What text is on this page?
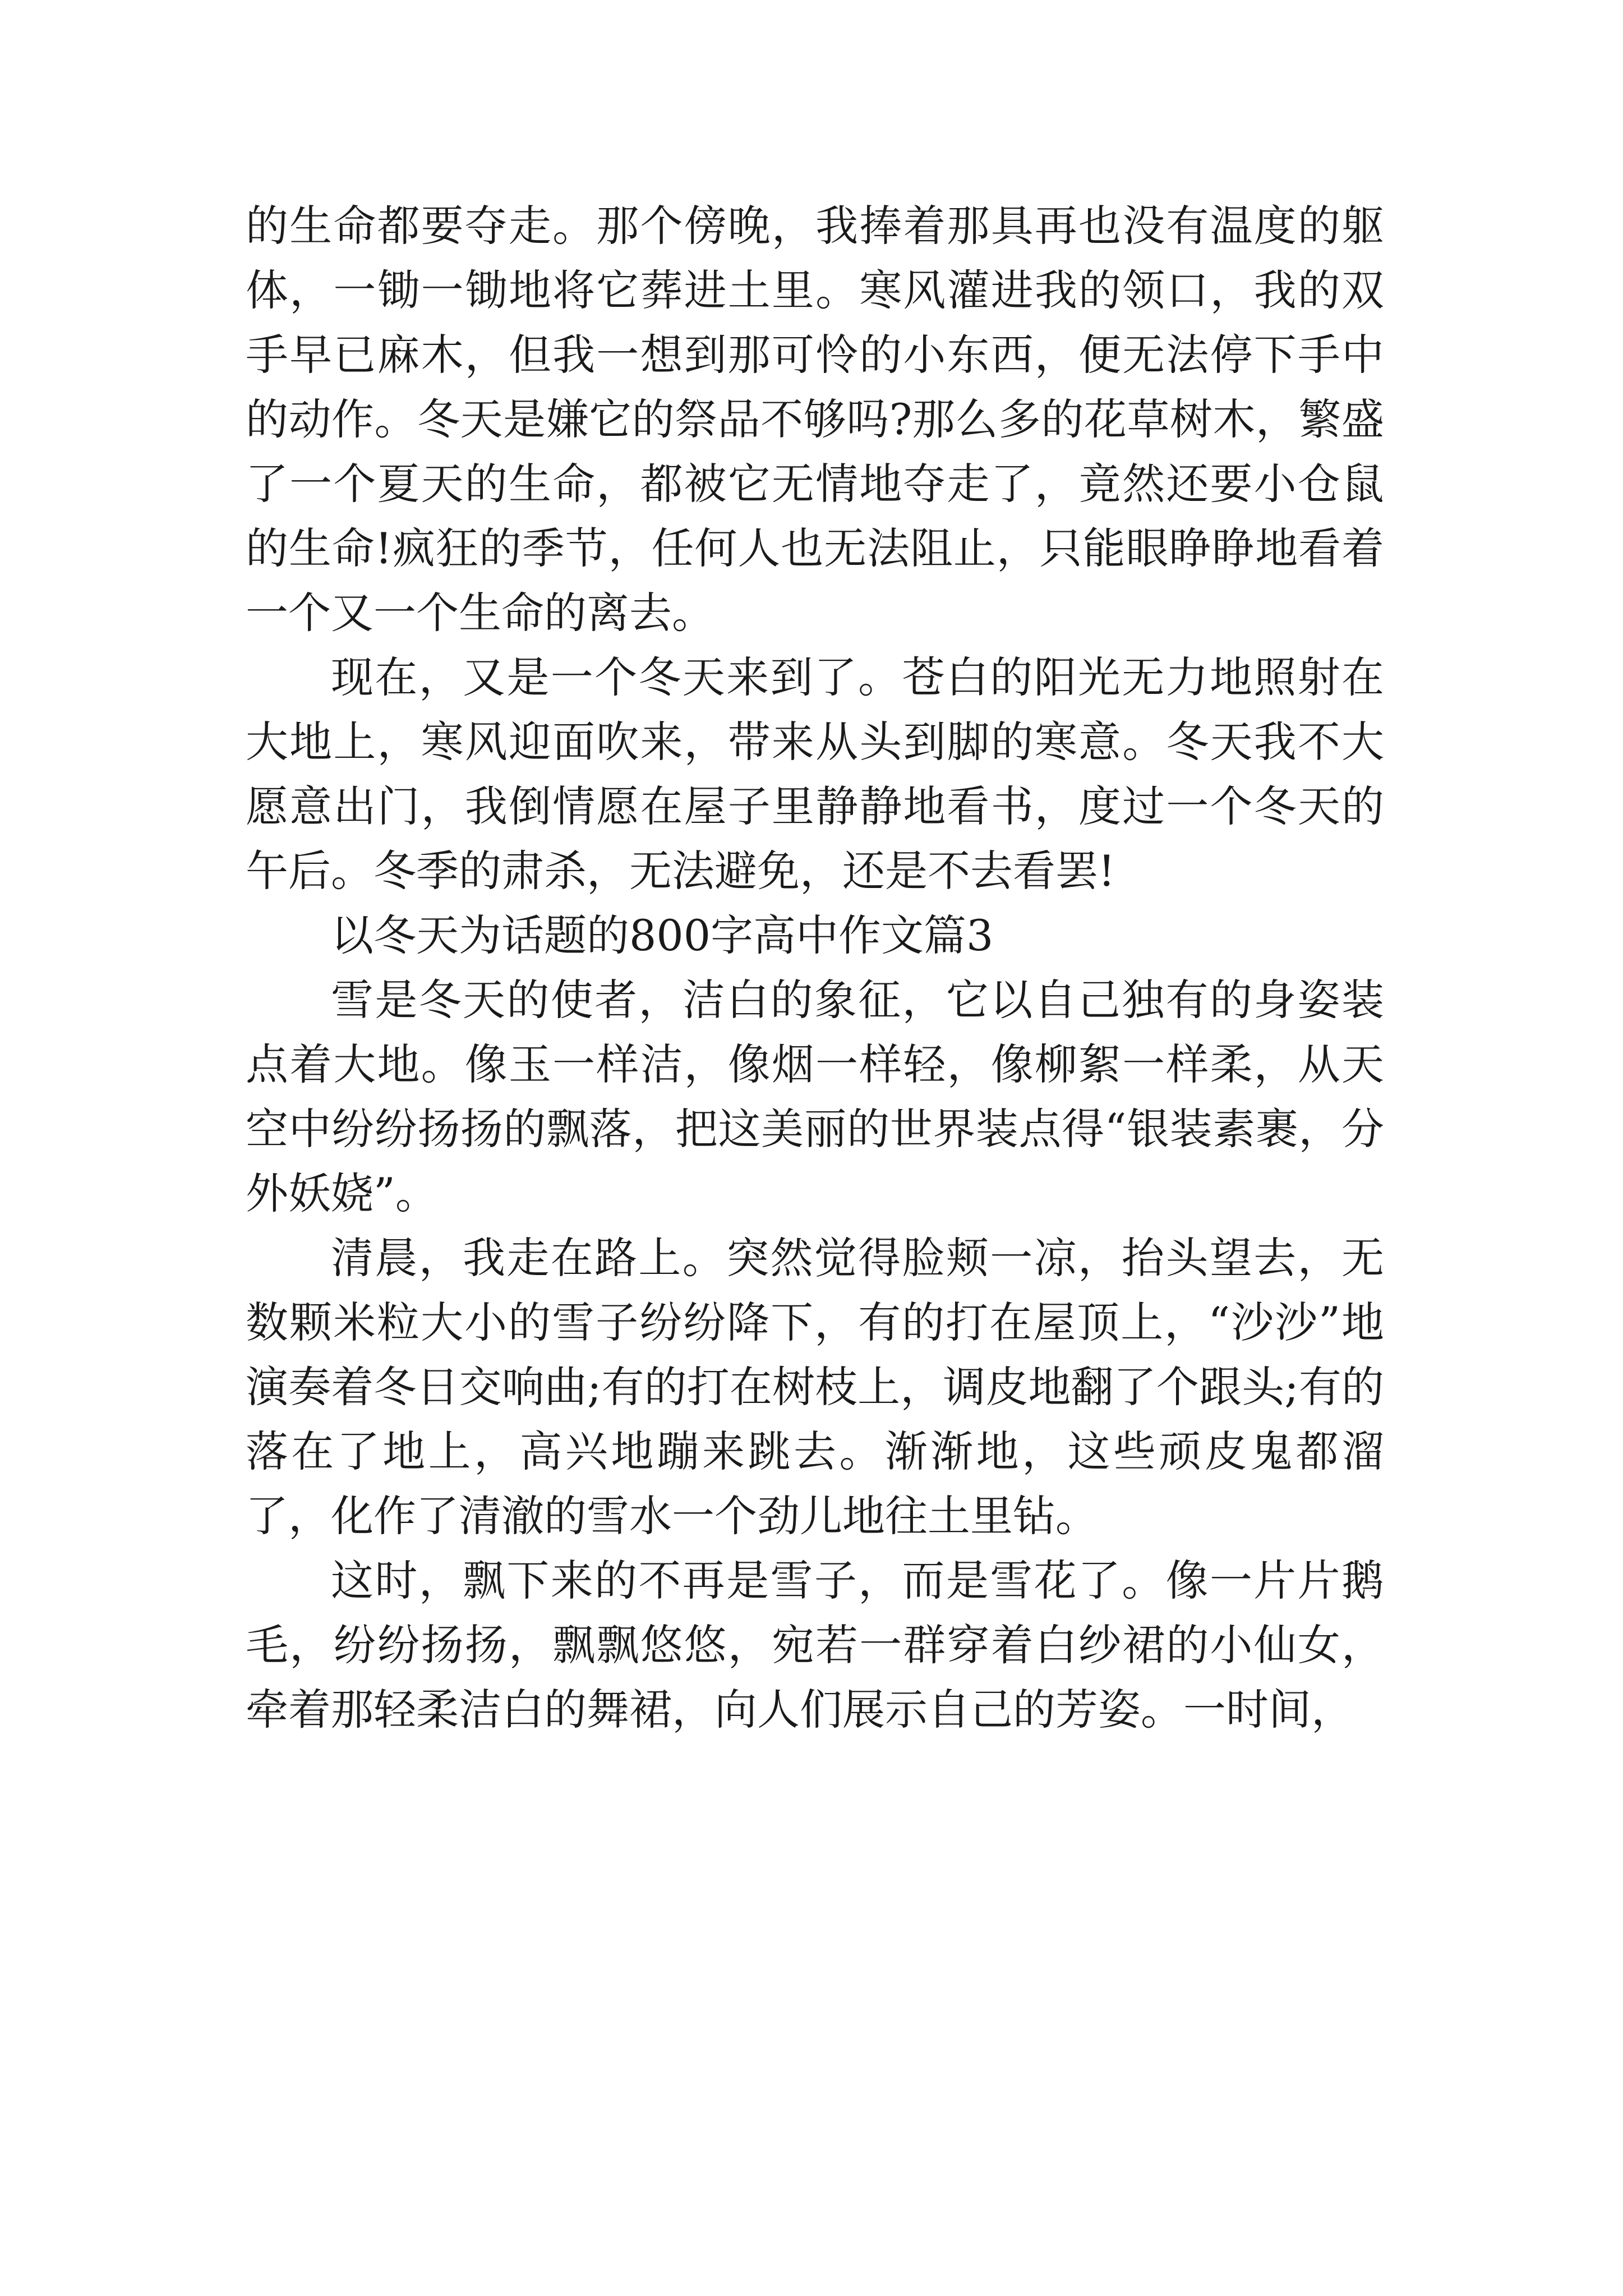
的生命都要夺走。那个傍晚，我捧着那具再也没有温度的躯体，一锄一锄地将它葬进土里。寒风灌进我的领口，我的双手早已麻木，但我一想到那可怜的小东西，便无法停下手中的动作。冬天是嫌它的祭品不够吗?那么多的花草树木，繁盛了一个夏天的生命，都被它无情地夺走了，竟然还要小仓鼠的生命!疯狂的季节，任何人也无法阻止，只能眼睁睁地看着一个又一个生命的离去。

现在，又是一个冬天来到了。苍白的阳光无力地照射在大地上，寒风迎面吹来，带来从头到脚的寒意。冬天我不大愿意出门，我倒情愿在屋子里静静地看书，度过一个冬天的午后。冬季的肃杀，无法避免，还是不去看罢!

以冬天为话题的800字高中作文篇3

雪是冬天的使者，洁白的象征，它以自己独有的身姿装点着大地。像玉一样洁，像烟一样轻，像柳絮一样柔，从天空中纷纷扬扬的飘落，把这美丽的世界装点得“银装素裹，分外妖娆”。

清晨，我走在路上。突然觉得脸颊一凉，抬头望去，无数颗米粒大小的雪子纷纷降下，有的打在屋顶上，“沙沙”地演奏着冬日交响曲;有的打在树枝上，调皮地翻了个跟头;有的落在了地上，高兴地蹦来跳去。渐渐地，这些顽皮鬼都溜了，化作了清澈的雪水一个劲儿地往土里钻。

这时，飘下来的不再是雪子，而是雪花了。像一片片鹅毛，纷纷扬扬，飘飘悠悠，宛若一群穿着白纱裙的小仙女，牵着那轻柔洁白的舞裙，向人们展示自己的芳姿。一时间，
